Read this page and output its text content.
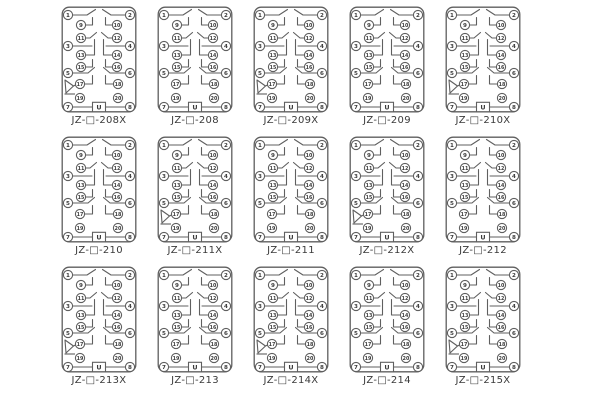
U
1	2
9	10
11	12
3	4
13	14
15	16
5	6
17	18
19	20
7	8
JZ-□-208X
U
1	2
9	10
11	12
3	4
13	14
15	16
5	6
17	18
19	20
7	8
JZ-□-208
U
1	2
9	10
11	12
3	4
13	14
15	16
5	6
17	18
19	20
7	8
JZ-□-209X
U
1	2
9	10
11	12
3	4
13	14
15	16
5	6
17	18
19	20
7	8
JZ-□-209
U
1	2
9	10
11	12
3	4
13	14
15	16
5	6
17	18
19	20
7	8
JZ-□-210X
U
1	2
9	10
11	12
3	4
13	14
15	16
5	6
17	18
19	20
7	8
JZ-□-210
U
1	2
9	10
11	12
3	4
13	14
15	16
5	6
17	18
19	20
7	8
JZ-□-211X
U
1	2
9	10
11	12
3	4
13	14
15	16
5	6
17	18
19	20
7	8
JZ-□-211
U
1	2
9	10
11	12
3	4
13	14
15	16
5	6
17	18
19	20
7	8
JZ-□-212X
U
1	2
9	10
11	12
3	4
13	14
15	16
5	6
17	18
19	20
7	8
JZ-□-212
U
1	2
9	10
11	12
3	4
13	14
15	16
5	6
17	18
19	20
7	8
JZ-□-213X
U
1	2
9	10
11	12
3	4
13	14
15	16
5	6
17	18
19	20
7	8
JZ-□-213
U
1	2
9	10
11	12
3	4
13	14
15	16
5	6
17	18
19	20
7	8
JZ-□-214X
U
1	2
9	10
11	12
3	4
13	14
15	16
5	6
17	18
19	20
7	8
JZ-□-214
U
1	2
9	10
11	12
3	4
13	14
15	16
5	6
17	18
19	20
7	8
JZ-□-215X
